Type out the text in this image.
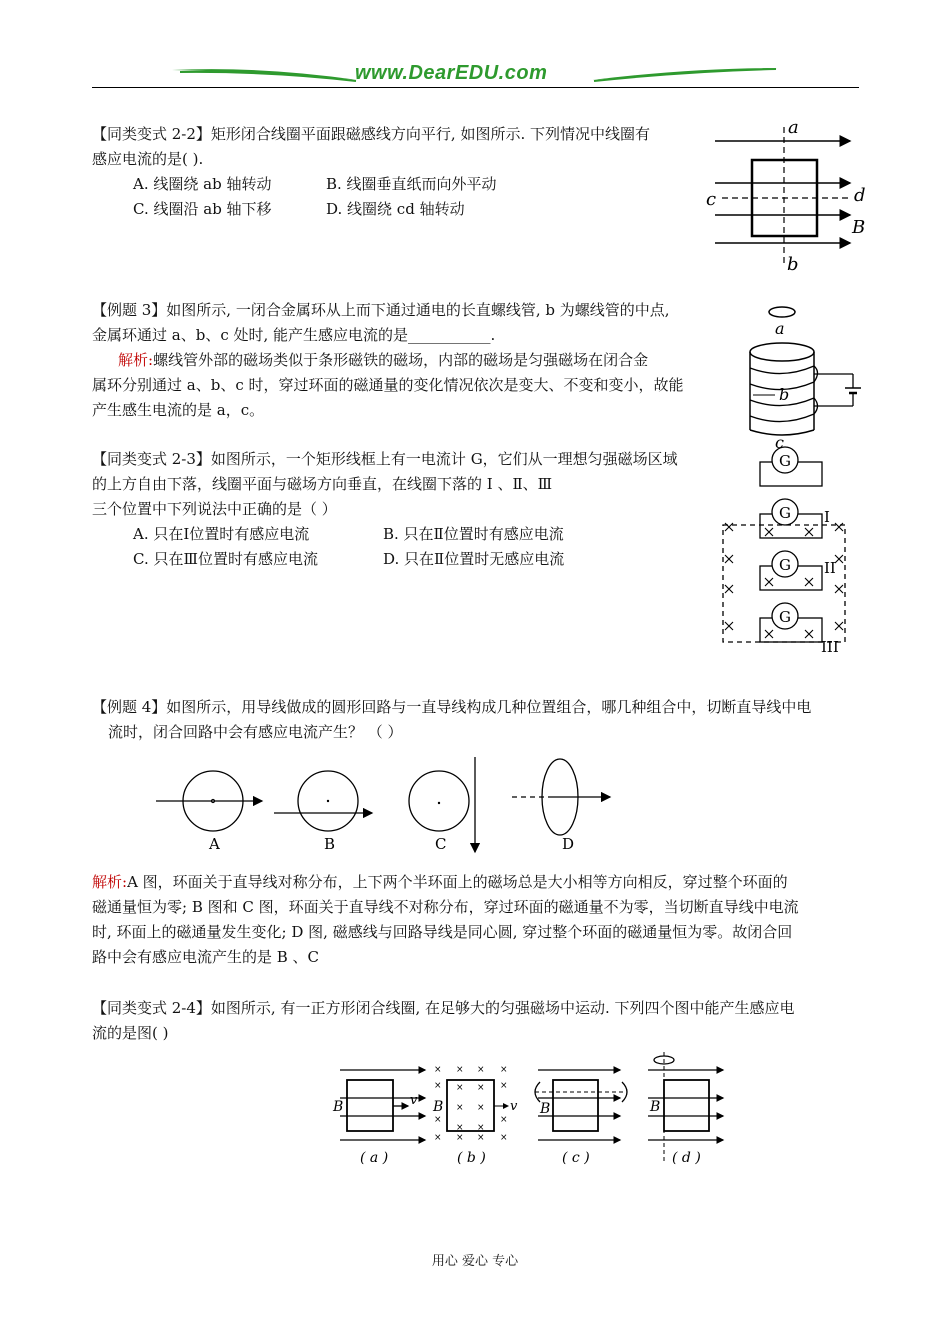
www.DearEDU.com
【同类变式 2-2】矩形闭合线圈平面跟磁感线方向平行, 如图所示. 下列情况中线圈有
感应电流的是( ).
A. 线圈绕 ab 轴转动	B. 线圈垂直纸而向外平动
C. 线圈沿 ab 轴下移	D. 线圈绕 cd 轴转动
a
b
c	d
B
【例题 3】如图所示, 一闭合金属环从上而下通过通电的长直螺线管, b 为螺线管的中点,
金属环通过 a、b、c 处时, 能产生感应电流的是___________.
解析:螺线管外部的磁场类似于条形磁铁的磁场，内部的磁场是匀强磁场在闭合金
属环分别通过 a、b、c 时，穿过环面的磁通量的变化情况依次是变大、不变和变小，故能
产生感生电流的是 a，c。
a
b
c
【同类变式 2-3】如图所示，一个矩形线框上有一电流计 G，它们从一理想匀强磁场区域
的上方自由下落，线圈平面与磁场方向垂直，在线圈下落的 Ⅰ 、Ⅱ、Ⅲ
三个位置中下列说法中正确的是（ ）
A. 只在Ⅰ位置时有感应电流	B. 只在Ⅱ位置时有感应电流
C. 只在Ⅲ位置时有感应电流	D. 只在Ⅱ位置时无感应电流
G
G
G
G
I
II
III
【例题 4】如图所示，用导线做成的圆形回路与一直导线构成几种位置组合，哪几种组合中，切断直导线中电
流时，闭合回路中会有感应电流产生？ （ ）
A	B	C	D
解析:A 图，环面关于直导线对称分布，上下两个半环面上的磁场总是大小相等方向相反，穿过整个环面的
磁通量恒为零; B 图和 C 图，环面关于直导线不对称分布，穿过环面的磁通量不为零，当切断直导线中电流
时, 环面上的磁通量发生变化; D 图, 磁感线与回路导线是同心圆, 穿过整个环面的磁通量恒为零。故闭合回
路中会有感应电流产生的是 B 、C
【同类变式 2-4】如图所示, 有一正方形闭合线圈, 在足够大的匀强磁场中运动. 下列四个图中能产生感应电
流的是图( )
B	v
( a )
× × × ×
× × × ×
× ×
×
× ×
×
× × × ×
B	v
( b )
B
( c )
B
( d )
用心 爱心 专心
